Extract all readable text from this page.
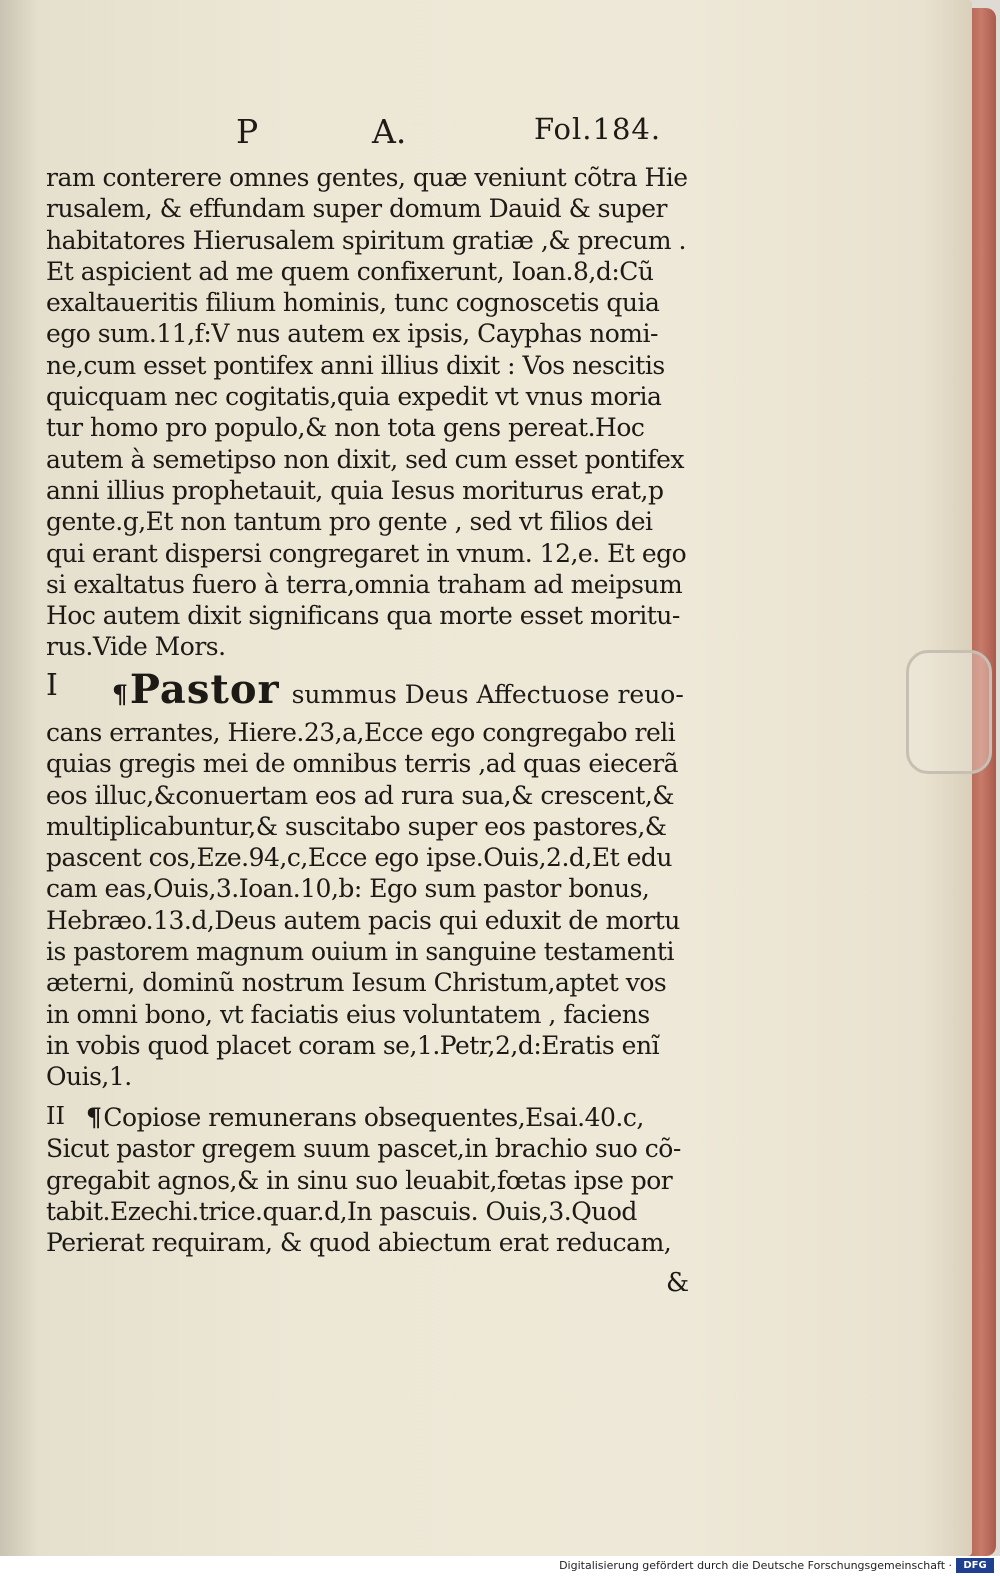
P	A.	Fol.184.
ram conterere omnes gentes, quæ veniunt cõtra Hie
rusalem, & effundam super domum Dauid & super
habitatores Hierusalem spiritum gratiæ ,& precum .
Et aspicient ad me quem confixerunt, Ioan.8,d:Cũ
exaltaueritis filium hominis, tunc cognoscetis quia
ego sum.11,f:V nus autem ex ipsis, Cayphas nomi-
ne,cum esset pontifex anni illius dixit : Vos nescitis
quicquam nec cogitatis,quia expedit vt vnus moria
tur homo pro populo,& non tota gens pereat.Hoc
autem à semetipso non dixit, sed cum esset pontifex
anni illius prophetauit, quia Iesus moriturus erat,p
gente.g,Et non tantum pro gente , sed vt filios dei
qui erant dispersi congregaret in vnum. 12,e. Et ego
si exaltatus fuero à terra,omnia traham ad meipsum
Hoc autem dixit significans qua morte esset moritu-
rus.Vide Mors.
I ¶Pastor summus Deus Affectuose reuo-
cans errantes, Hiere.23,a,Ecce ego congregabo reli
quias gregis mei de omnibus terris ,ad quas eiecerã
eos illuc,&conuertam eos ad rura sua,& crescent,&
multiplicabuntur,& suscitabo super eos pastores,&
pascent cos,Eze.94,c,Ecce ego ipse.Ouis,2.d,Et edu
cam eas,Ouis,3.Ioan.10,b: Ego sum pastor bonus,
Hebræo.13.d,Deus autem pacis qui eduxit de mortu
is pastorem magnum ouium in sanguine testamenti
æterni, dominũ nostrum Iesum Christum,aptet vos
in omni bono, vt faciatis eius voluntatem , faciens
in vobis quod placet coram se,1.Petr,2,d:Eratis enĩ
Ouis,1.
II ¶Copiose remunerans obsequentes,Esai.40.c,
Sicut pastor gregem suum pascet,in brachio suo cõ-
gregabit agnos,& in sinu suo leuabit,fœtas ipse por
tabit.Ezechi.trice.quar.d,In pascuis. Ouis,3.Quod
Perierat requiram, & quod abiectum erat reducam,
&
Digitalisierung gefördert durch die Deutsche Forschungsgemeinschaft ·	DFG
